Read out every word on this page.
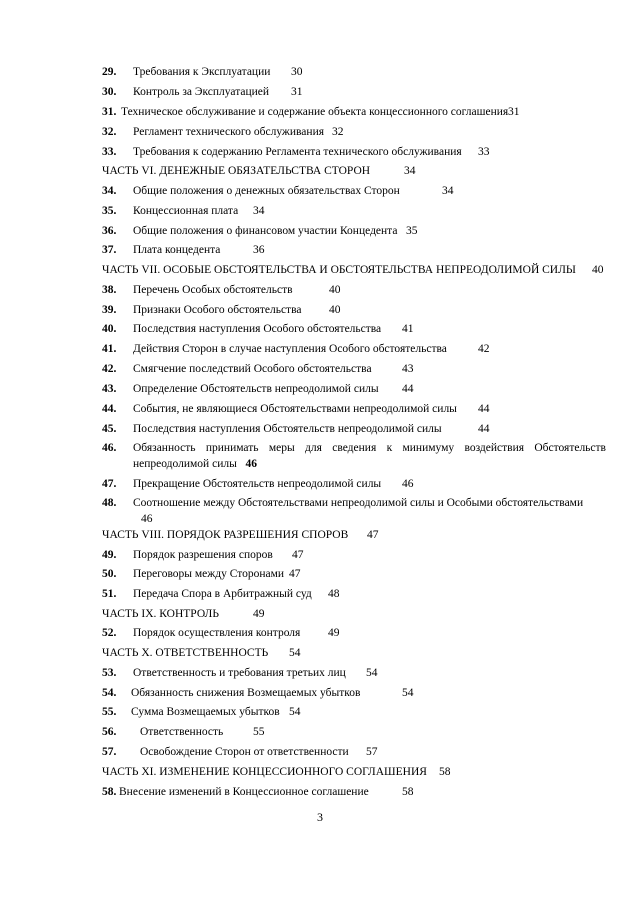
29. Требования к Эксплуатации 30
30. Контроль за Эксплуатацией 31
31. Техническое обслуживание и содержание объекта концессионного соглашения 31
32. Регламент технического обслуживания 32
33. Требования к содержанию Регламента технического обслуживания 33
ЧАСТЬ VI. ДЕНЕЖНЫЕ ОБЯЗАТЕЛЬСТВА СТОРОН	34
34. Общие положения о денежных обязательствах Сторон	34
35. Концессионная плата 34
36. Общие положения о финансовом участии Концедента 35
37. Плата концедента	36
ЧАСТЬ VII. ОСОБЫЕ ОБСТОЯТЕЛЬСТВА И ОБСТОЯТЕЛЬСТВА НЕПРЕОДОЛИМОЙ СИЛЫ 40
38. Перечень Особых обстоятельств	40
39. Признаки Особого обстоятельства 40
40. Последствия наступления Особого обстоятельства 41
41. Действия Сторон в случае наступления Особого обстоятельства	42
42. Смягчение последствий Особого обстоятельства	43
43. Определение Обстоятельств непреодолимой силы 44
44. События, не являющиеся Обстоятельствами непреодолимой силы 44
45. Последствия наступления Обстоятельств непреодолимой силы	44
46. Обязанность принимать меры для сведения к минимуму воздействия Обстоятельств непреодолимой силы 46
47. Прекращение Обстоятельств непреодолимой силы 46
48. Соотношение между Обстоятельствами непреодолимой силы и Особыми обстоятельствами
46
ЧАСТЬ VIII. ПОРЯДОК РАЗРЕШЕНИЯ СПОРОВ 47
49. Порядок разрешения споров 47
50. Переговоры между Сторонами 47
51. Передача Спора в Арбитражный суд 48
ЧАСТЬ IX. КОНТРОЛЬ	49
52. Порядок осуществления контроля 49
ЧАСТЬ X. ОТВЕТСТВЕННОСТЬ 54
53. Ответственность и требования третьих лиц 54
54. Обязанность снижения Возмещаемых убытков	54
55. Сумма Возмещаемых убытков 54
56. Ответственность	55
57. Освобождение Сторон от ответственности 57
ЧАСТЬ XI. ИЗМЕНЕНИЕ КОНЦЕССИОННОГО СОГЛАШЕНИЯ 58
58. Внесение изменений в Концессионное соглашение	58
3
